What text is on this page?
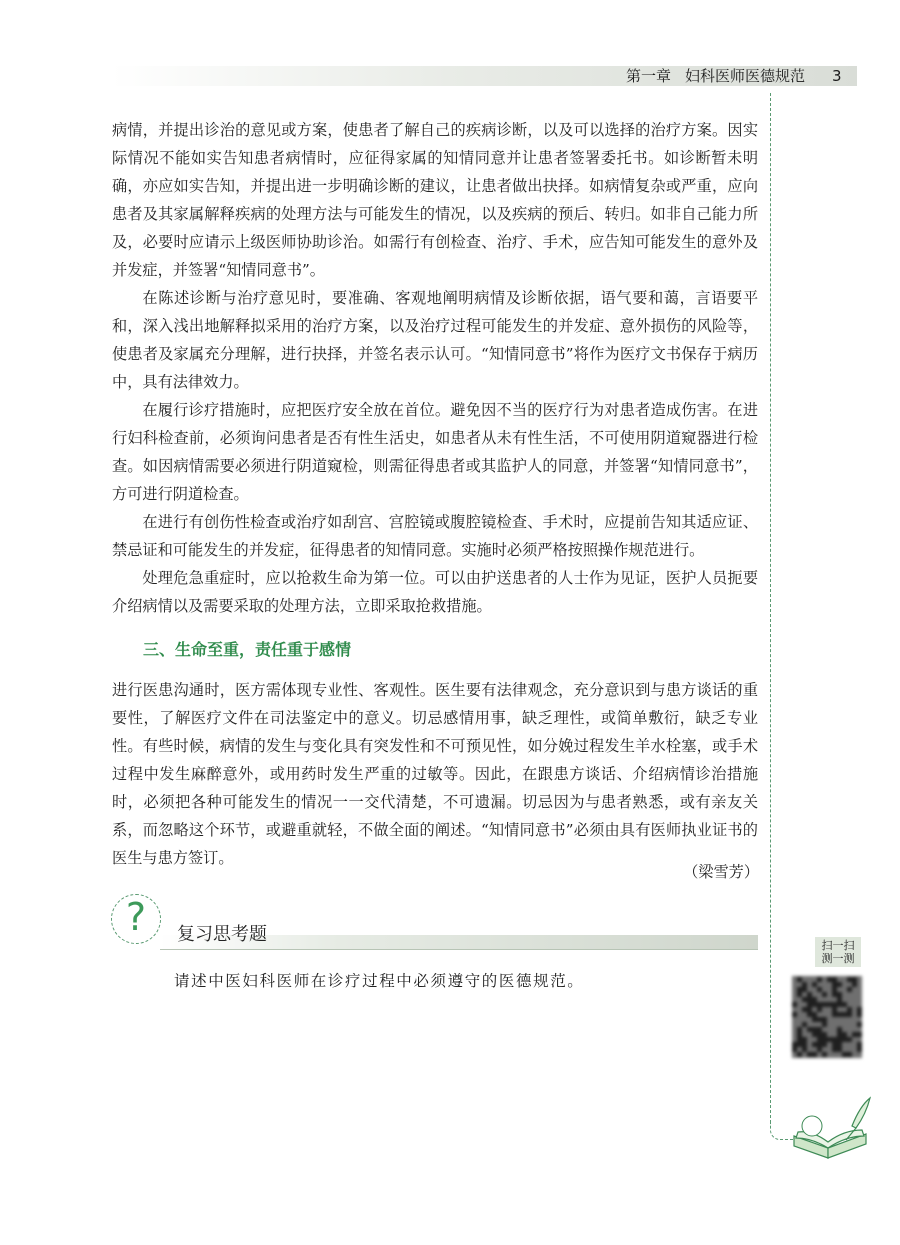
第一章 妇科医师医德规范 3

病情，并提出诊治的意见或方案，使患者了解自己的疾病诊断，以及可以选择的治疗方案。因实际情况不能如实告知患者病情时，应征得家属的知情同意并让患者签署委托书。如诊断暂未明确，亦应如实告知，并提出进一步明确诊断的建议，让患者做出抉择。如病情复杂或严重，应向患者及其家属解释疾病的处理方法与可能发生的情况，以及疾病的预后、转归。如非自己能力所及，必要时应请示上级医师协助诊治。如需行有创检查、治疗、手术，应告知可能发生的意外及并发症，并签署“知情同意书”。

在陈述诊断与治疗意见时，要准确、客观地阐明病情及诊断依据，语气要和蔼，言语要平和，深入浅出地解释拟采用的治疗方案，以及治疗过程可能发生的并发症、意外损伤的风险等，使患者及家属充分理解，进行抉择，并签名表示认可。“知情同意书”将作为医疗文书保存于病历中，具有法律效力。

在履行诊疗措施时，应把医疗安全放在首位。避免因不当的医疗行为对患者造成伤害。在进行妇科检查前，必须询问患者是否有性生活史，如患者从未有性生活，不可使用阴道窥器进行检查。如因病情需要必须进行阴道窥检，则需征得患者或其监护人的同意，并签署“知情同意书”，方可进行阴道检查。

在进行有创伤性检查或治疗如刮宫、宫腔镜或腹腔镜检查、手术时，应提前告知其适应证、禁忌证和可能发生的并发症，征得患者的知情同意。实施时必须严格按照操作规范进行。

处理危急重症时，应以抢救生命为第一位。可以由护送患者的人士作为见证，医护人员扼要介绍病情以及需要采取的处理方法，立即采取抢救措施。

三、生命至重，责任重于感情

进行医患沟通时，医方需体现专业性、客观性。医生要有法律观念，充分意识到与患方谈话的重要性，了解医疗文件在司法鉴定中的意义。切忌感情用事，缺乏理性，或简单敷衍，缺乏专业性。有些时候，病情的发生与变化具有突发性和不可预见性，如分娩过程发生羊水栓塞，或手术过程中发生麻醉意外，或用药时发生严重的过敏等。因此，在跟患方谈话、介绍病情诊治措施时，必须把各种可能发生的情况一一交代清楚，不可遗漏。切忌因为与患者熟悉，或有亲友关系，而忽略这个环节，或避重就轻，不做全面的阐述。“知情同意书”必须由具有医师执业证书的医生与患方签订。

（梁雪芳）
?	复习思考题
请述中医妇科医师在诊疗过程中必须遵守的医德规范。
扫一扫
测一测
